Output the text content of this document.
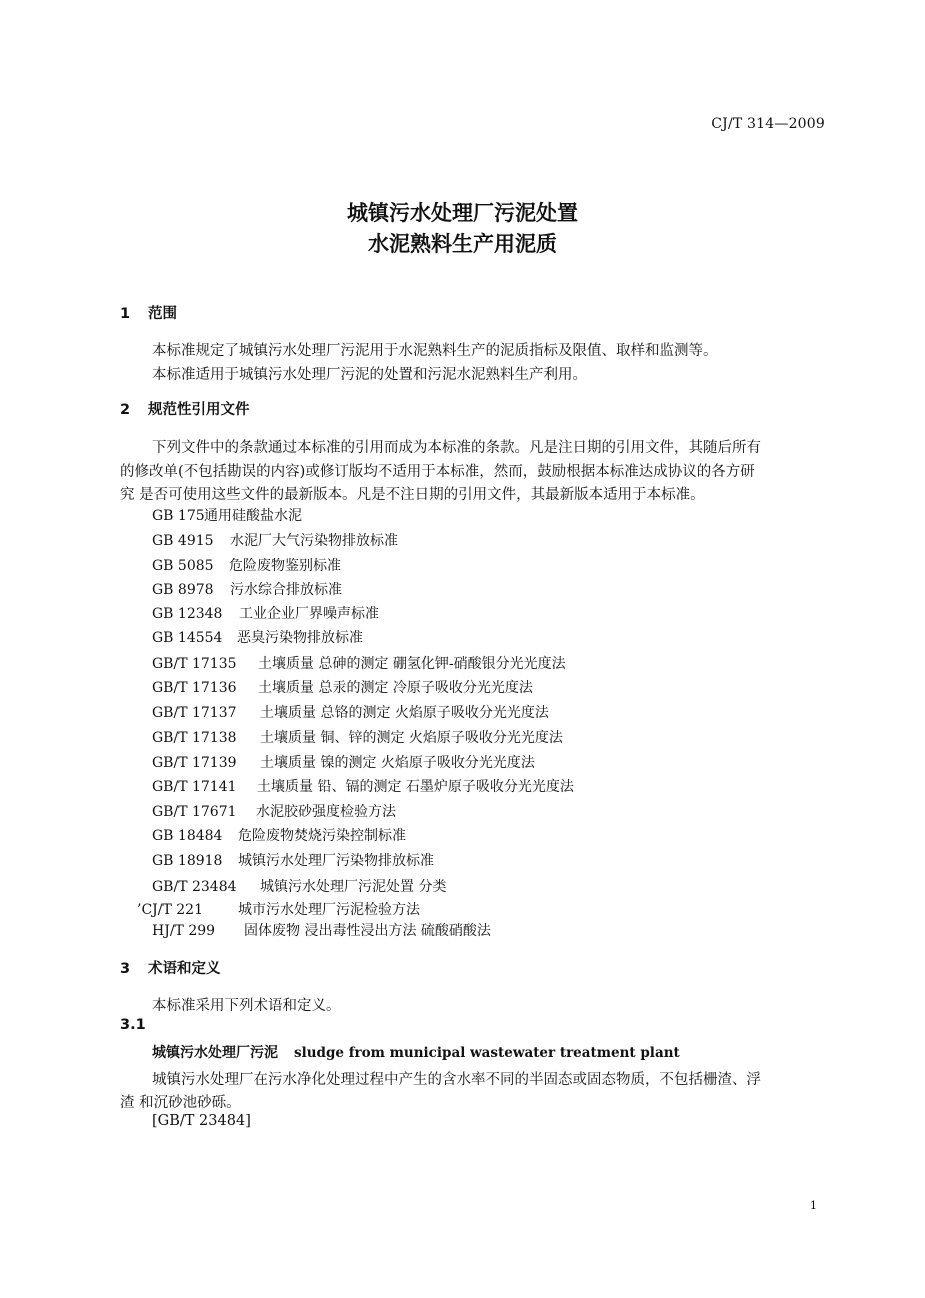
CJ/T 314—2009
城镇污水处理厂污泥处置
水泥熟料生产用泥质
1 范围
本标准规定了城镇污水处理厂污泥用于水泥熟料生产的泥质指标及限值、取样和监测等。
本标准适用于城镇污水处理厂污泥的处置和污泥水泥熟料生产利用。
2 规范性引用文件
下列文件中的条款通过本标准的引用而成为本标准的条款。凡是注日期的引用文件，其随后所有
的修改单(不包括勘误的内容)或修订版均不适用于本标准，然而，鼓励根据本标准达成协议的各方研
究 是否可使用这些文件的最新版本。凡是不注日期的引用文件，其最新版本适用于本标准。
GB 175通用硅酸盐水泥
GB 4915 水泥厂大气污染物排放标准
GB 5085 危险废物鉴别标准
GB 8978 污水综合排放标准
GB 12348 工业企业厂界噪声标准
GB 14554 恶臭污染物排放标准
GB/T 17135 土壤质量 总砷的测定 硼氢化钾-硝酸银分光光度法
GB/T 17136 土壤质量 总汞的测定 冷原子吸收分光光度法
GB/T 17137 土壤质量 总铬的测定 火焰原子吸收分光光度法
GB/T 17138 土壤质量 铜、锌的测定 火焰原子吸收分光光度法
GB/T 17139 土壤质量 镍的测定 火焰原子吸收分光光度法
GB/T 17141 土壤质量 铅、镉的测定 石墨炉原子吸收分光光度法
GB/T 17671 水泥胶砂强度检验方法
GB 18484 危险废物焚烧污染控制标准
GB 18918 城镇污水处理厂污染物排放标准
GB/T 23484 城镇污水处理厂污泥处置 分类
’CJ/T 221 城市污水处理厂污泥检验方法
HJ/T 299 固体废物 浸出毒性浸出方法 硫酸硝酸法
3 术语和定义
本标准采用下列术语和定义。
3.1
城镇污水处理厂污泥 sludge from municipal wastewater treatment plant
城镇污水处理厂在污水净化处理过程中产生的含水率不同的半固态或固态物质，不包括栅渣、浮
渣 和沉砂池砂砾。
[GB/T 23484]
1
